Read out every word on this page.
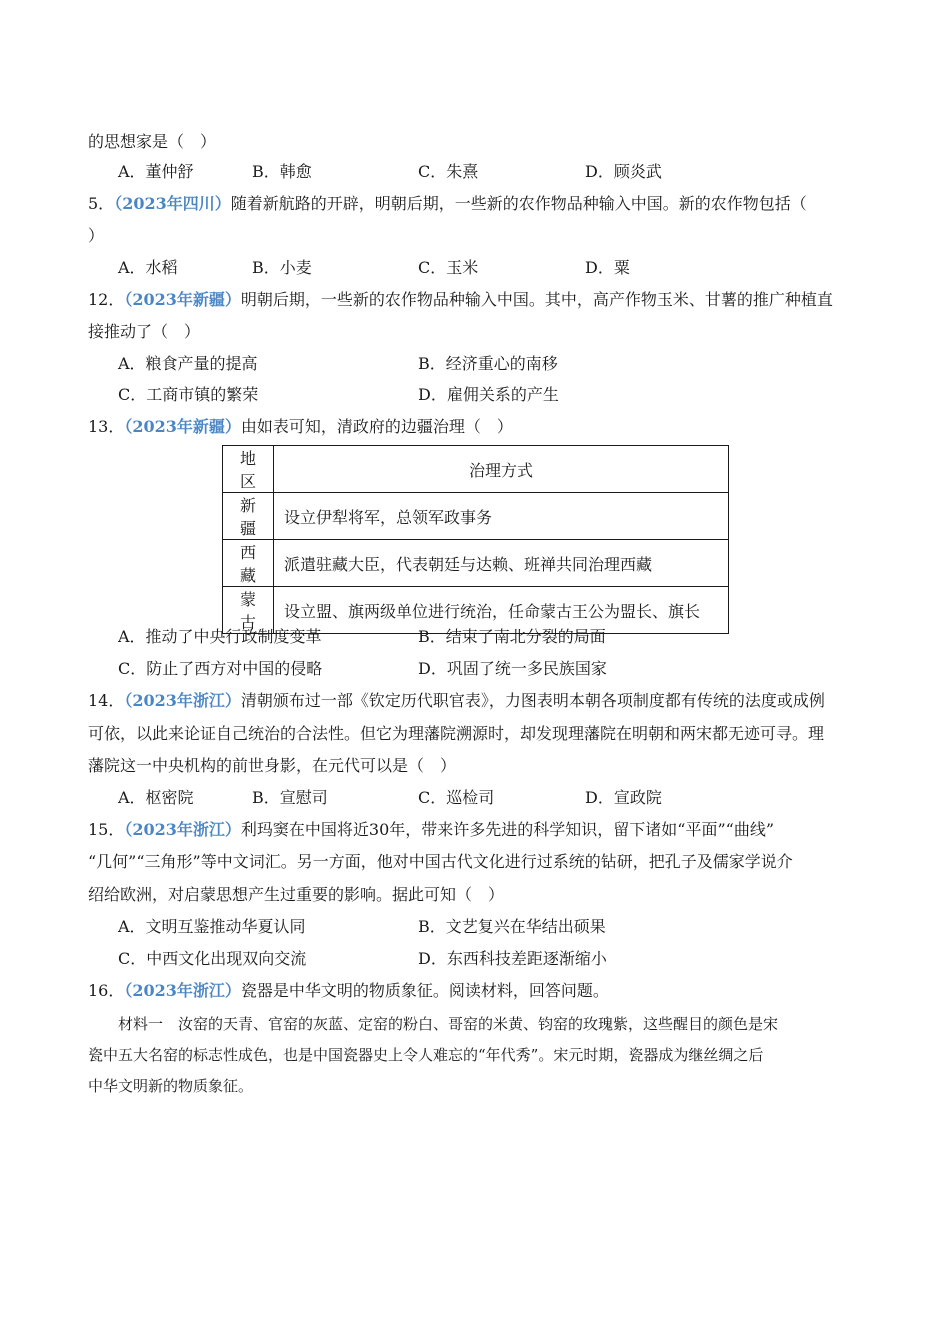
的思想家是（　）
A．董仲舒	B．韩愈	C．朱熹	D．顾炎武
5．（2023年四川）随着新航路的开辟，明朝后期，一些新的农作物品种输入中国。新的农作物包括（
）
A．水稻	B．小麦	C．玉米	D．粟
12．（2023年新疆）明朝后期，一些新的农作物品种输入中国。其中，高产作物玉米、甘薯的推广种植直
接推动了（　）
A．粮食产量的提高	B．经济重心的南移
C．工商市镇的繁荣	D．雇佣关系的产生
13．（2023年新疆）由如表可知，清政府的边疆治理（　）
地区	治理方式
新疆	设立伊犁将军，总领军政事务
西藏	派遣驻藏大臣，代表朝廷与达赖、班禅共同治理西藏
蒙古	设立盟、旗两级单位进行统治，任命蒙古王公为盟长、旗长
A．推动了中央行政制度变革	B．结束了南北分裂的局面
C．防止了西方对中国的侵略	D．巩固了统一多民族国家
14．（2023年浙江）清朝颁布过一部《钦定历代职官表》，力图表明本朝各项制度都有传统的法度或成例
可依，以此来论证自己统治的合法性。但它为理藩院溯源时，却发现理藩院在明朝和两宋都无迹可寻。理
藩院这一中央机构的前世身影，在元代可以是（　）
A．枢密院	B．宣慰司	C．巡检司	D．宣政院
15．（2023年浙江）利玛窦在中国将近30年，带来许多先进的科学知识，留下诸如“平面”“曲线”
“几何”“三角形”等中文词汇。另一方面，他对中国古代文化进行过系统的钻研，把孔子及儒家学说介
绍给欧洲，对启蒙思想产生过重要的影响。据此可知（　）
A．文明互鉴推动华夏认同	B．文艺复兴在华结出硕果
C．中西文化出现双向交流	D．东西科技差距逐渐缩小
16．（2023年浙江）瓷器是中华文明的物质象征。阅读材料，回答问题。
材料一　汝窑的天青、官窑的灰蓝、定窑的粉白、哥窑的米黄、钧窑的玫瑰紫，这些醒目的颜色是宋
瓷中五大名窑的标志性成色，也是中国瓷器史上令人难忘的“年代秀”。宋元时期，瓷器成为继丝绸之后
中华文明新的物质象征。
